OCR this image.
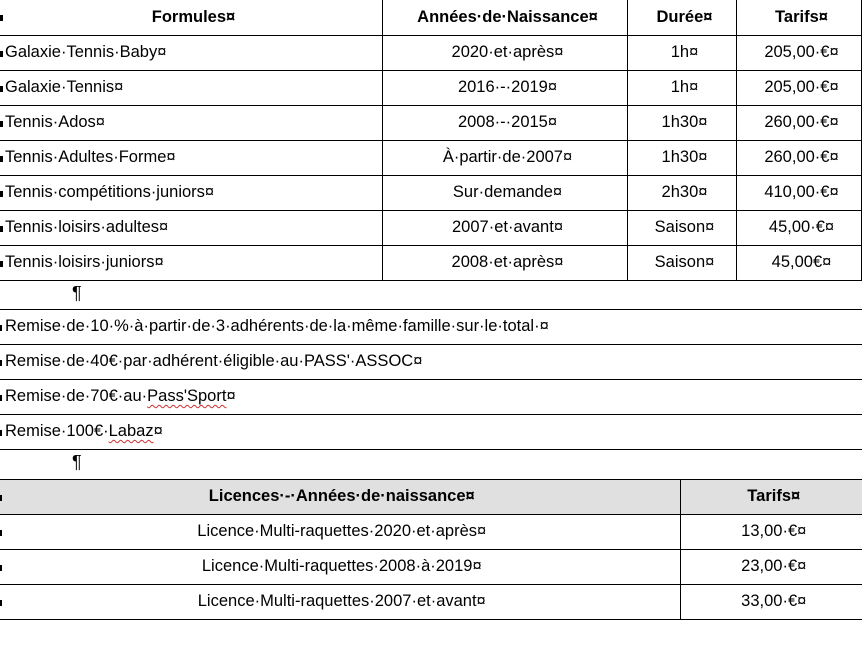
Formules¤	Années·de·Naissance¤	Durée¤	Tarifs¤

Galaxie·Tennis·Baby¤	2020·et·après¤	1h¤	205,00·€¤

Galaxie·Tennis¤	2016·-·2019¤	1h¤	205,00·€¤

Tennis·Ados¤	2008·-·2015¤	1h30¤	260,00·€¤

Tennis·Adultes·Forme¤	À·partir·de·2007¤	1h30¤	260,00·€¤

Tennis·compétitions·juniors¤	Sur·demande¤	2h30¤	410,00·€¤

Tennis·loisirs·adultes¤	2007·et·avant¤	Saison¤	45,00·€¤

Tennis·loisirs·juniors¤	2008·et·après¤	Saison¤	45,00€¤
¶
Remise·de·10·%·à·partir·de·3·adhérents·de·la·même·famille·sur·le·total·¤

Remise·de·40€·par·adhérent·éligible·au·PASS'·ASSOC¤

Remise·de·70€·au·Pass'Sport¤

Remise·100€·Labaz¤
¶
Licences·-·Années·de·naissance¤	Tarifs¤

Licence·Multi-raquettes·2020·et·après¤	13,00·€¤

Licence·Multi-raquettes·2008·à·2019¤	23,00·€¤

Licence·Multi-raquettes·2007·et·avant¤	33,00·€¤
